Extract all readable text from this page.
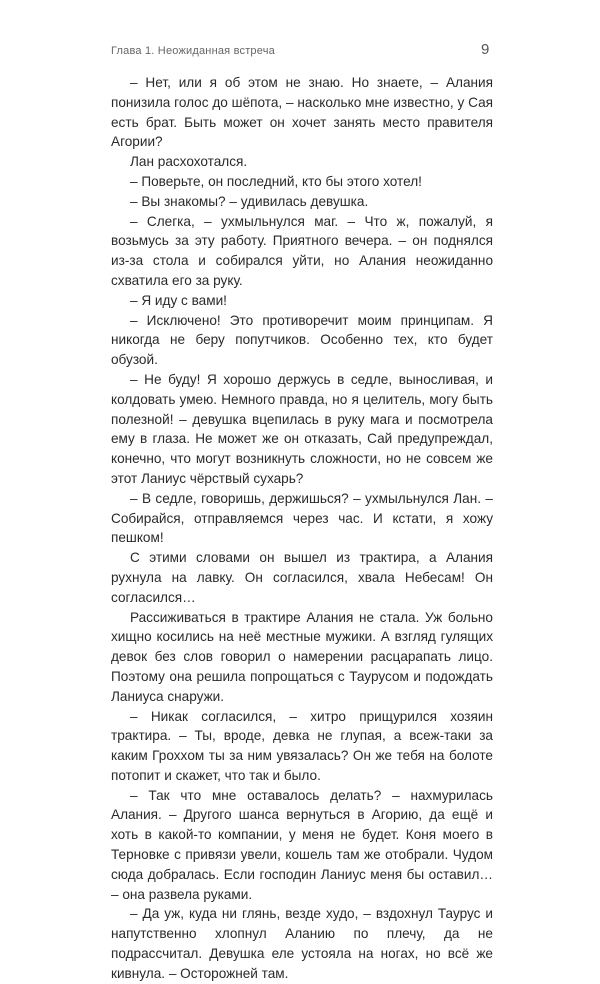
Глава 1. Неожиданная встреча	9

– Нет, или я об этом не знаю. Но знаете, – Алания понизила голос до шёпота, – насколько мне известно, у Сая есть брат. Быть может он хочет занять место правителя Агории?

Лан расхохотался.

– Поверьте, он последний, кто бы этого хотел!

– Вы знакомы? – удивилась девушка.

– Слегка, – ухмыльнулся маг. – Что ж, пожалуй, я возьмусь за эту работу. Приятного вечера. – он поднялся из-за стола и собирался уйти, но Алания неожиданно схватила его за руку.

– Я иду с вами!

– Исключено! Это противоречит моим принципам. Я никогда не беру попутчиков. Особенно тех, кто будет обузой.

– Не буду! Я хорошо держусь в седле, выносливая, и колдовать умею. Немного правда, но я целитель, могу быть полезной! – девушка вцепилась в руку мага и посмотрела ему в глаза. Не может же он отказать, Сай предупреждал, конечно, что могут возникнуть сложности, но не совсем же этот Ланиус чёрствый сухарь?

– В седле, говоришь, держишься? – ухмыльнулся Лан. – Собирайся, отправляемся через час. И кстати, я хожу пешком!

С этими словами он вышел из трактира, а Алания рухнула на лавку. Он согласился, хвала Небесам! Он согласился…

Рассиживаться в трактире Алания не стала. Уж больно хищно косились на неё местные мужики. А взгляд гулящих девок без слов говорил о намерении расцарапать лицо. Поэтому она решила попрощаться с Таурусом и подождать Ланиуса снаружи.

– Никак согласился, – хитро прищурился хозяин трактира. – Ты, вроде, девка не глупая, а всеж-таки за каким Грохxом ты за ним увязалась? Он же тебя на болоте потопит и скажет, что так и было.

– Так что мне оставалось делать? – нахмурилась Алания. – Другого шанса вернуться в Агорию, да ещё и хоть в какой-то компании, у меня не будет. Коня моего в Терновке с привязи увели, кошель там же отобрали. Чудом сюда добралась. Если господин Ланиус меня бы оставил… – она развела руками.

– Да уж, куда ни глянь, везде худо, – вздохнул Таурус и напутственно хлопнул Аланию по плечу, да не подрассчитал. Девушка еле устояла на ногах, но всё же кивнула. – Осторожней там.
